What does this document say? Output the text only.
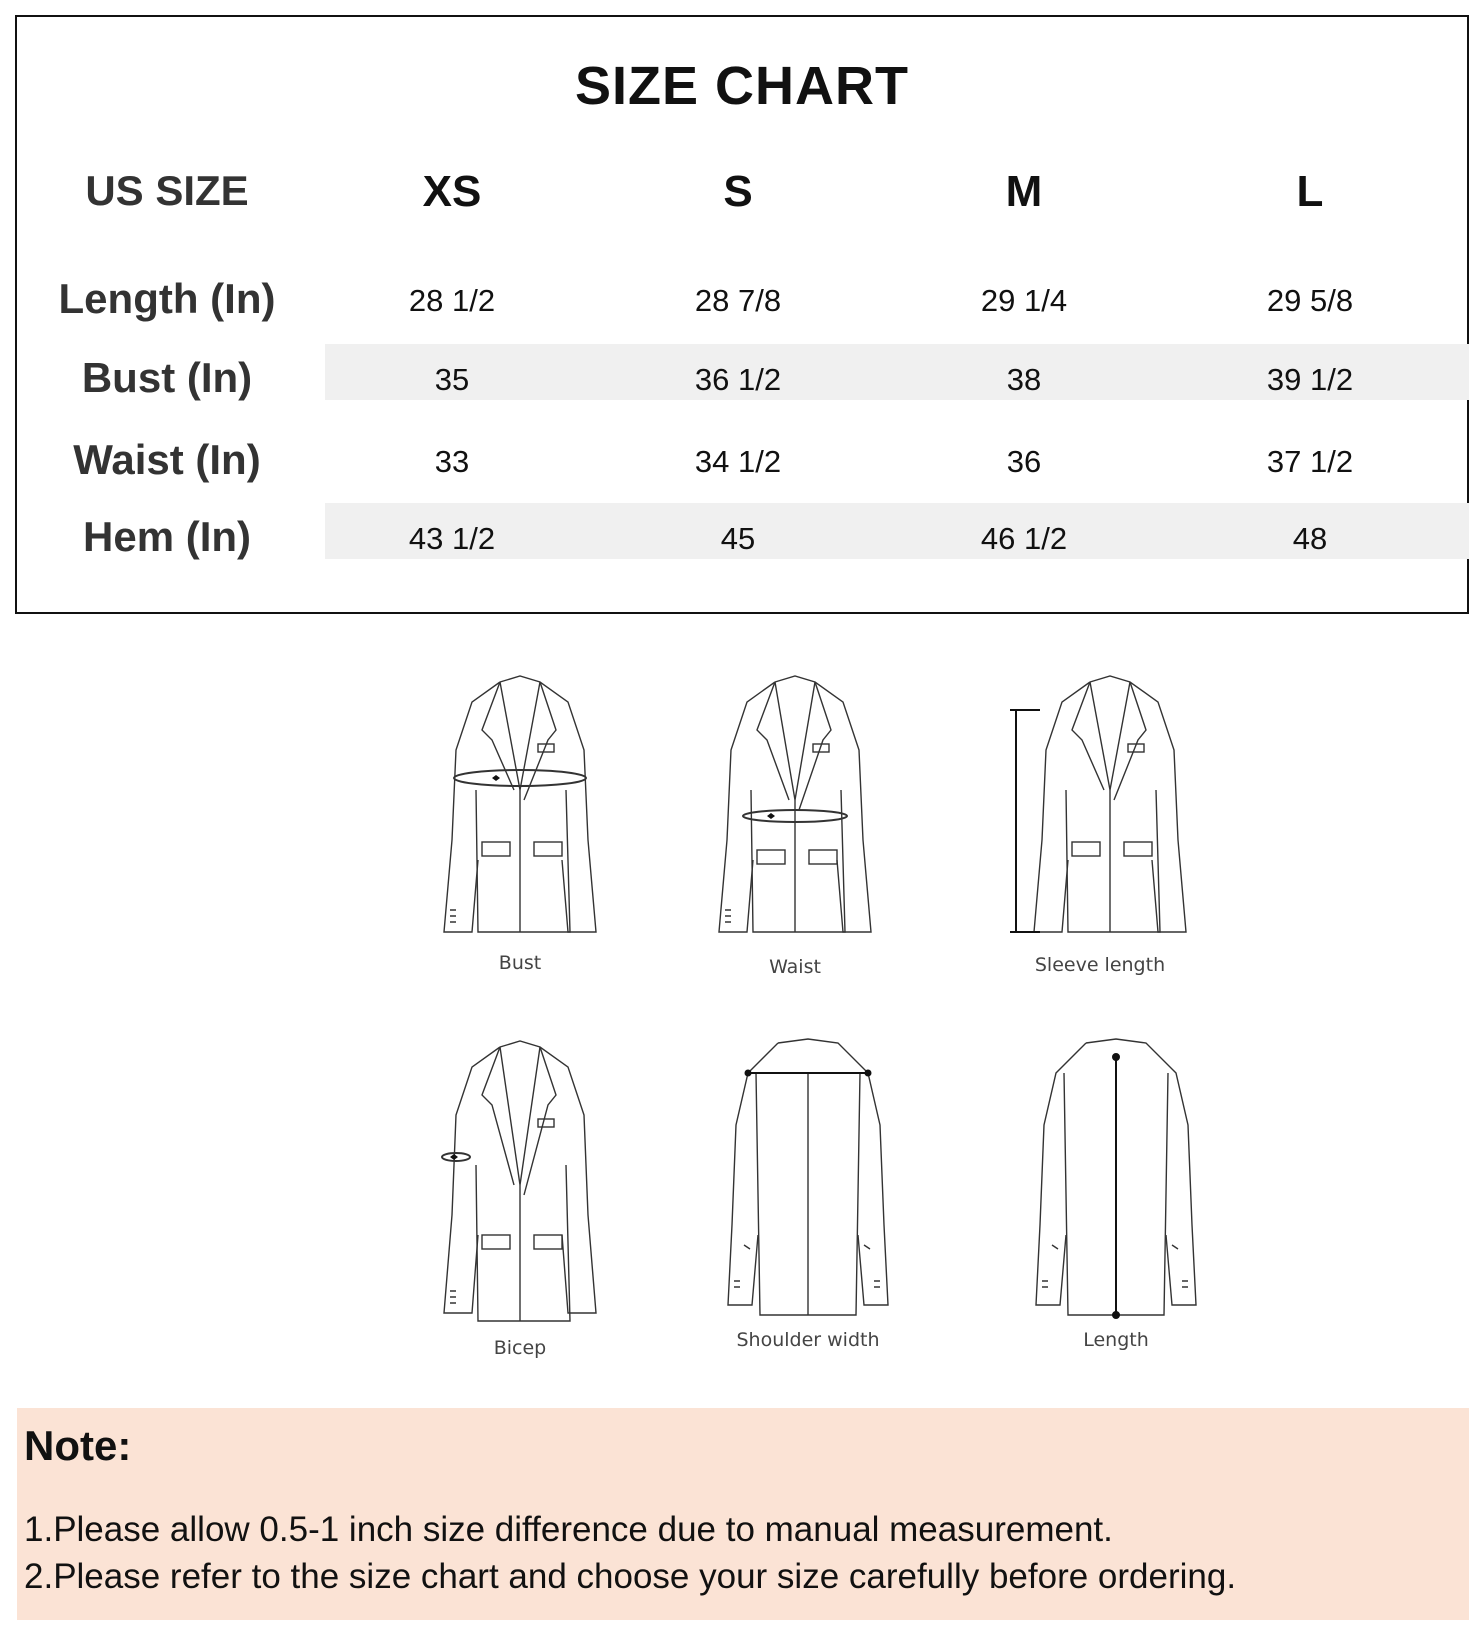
SIZE CHART
US SIZE	XS	S	M	L
Length (In)	28 1/2	28 7/8	29 1/4	29 5/8
Bust (In)	35	36 1/2	38	39 1/2
Waist (In)	33	34 1/2	36	37 1/2
Hem (In)	43 1/2	45	46 1/2	48
Bust	Waist	Sleeve length
Bicep	Shoulder width	Length
Note:
1.Please allow 0.5-1 inch size difference due to manual measurement.
2.Please refer to the size chart and choose your size carefully before ordering.
